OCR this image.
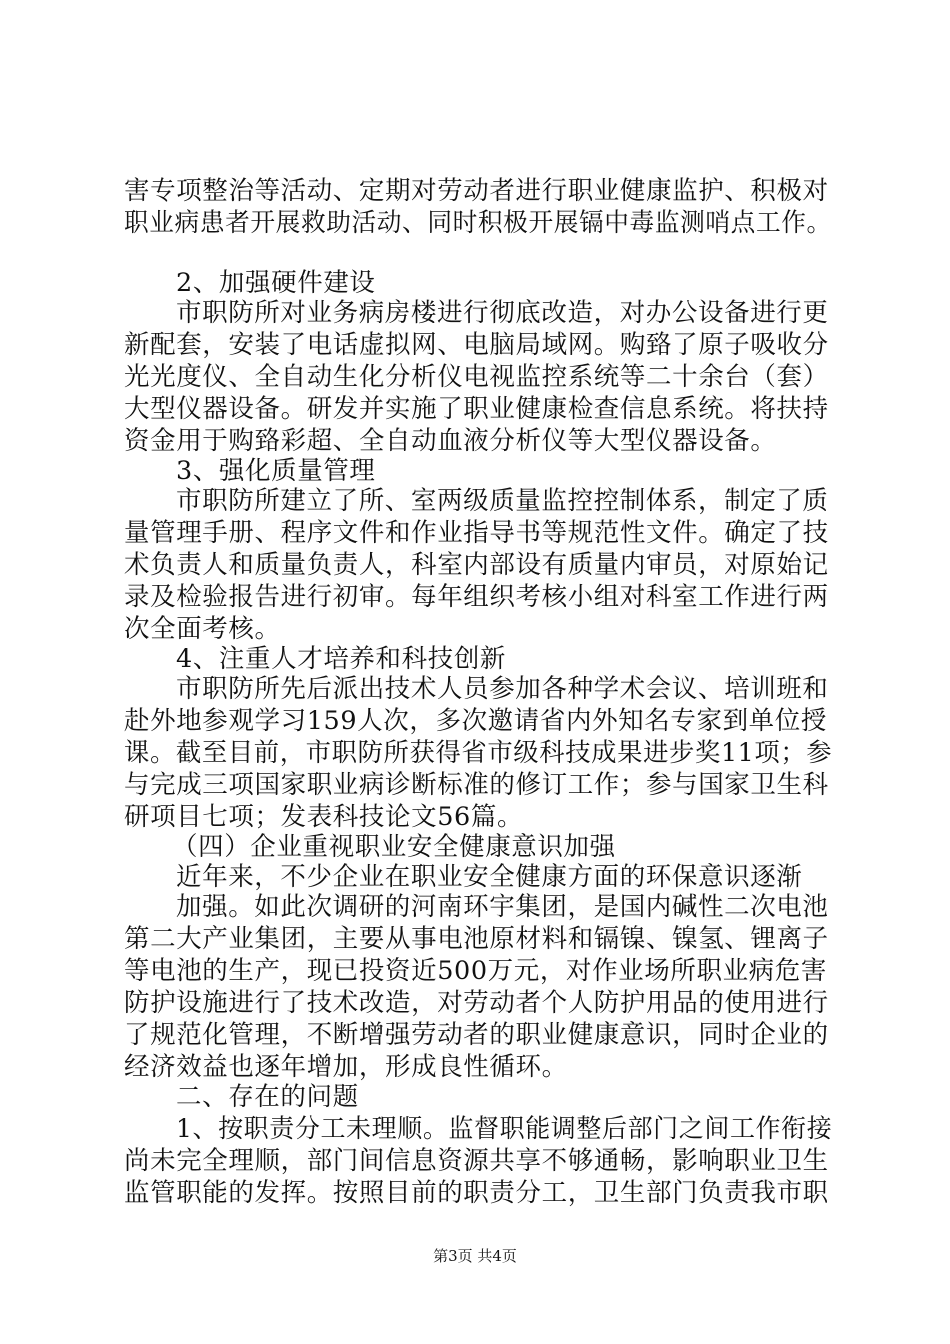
害专项整治等活动、定期对劳动者进行职业健康监护、积极对
职业病患者开展救助活动、同时积极开展镉中毒监测哨点工作。
2、加强硬件建设
市职防所对业务病房楼进行彻底改造，对办公设备进行更
新配套，安装了电话虚拟网、电脑局域网。购臵了原子吸收分
光光度仪、全自动生化分析仪电视监控系统等二十余台（套）
大型仪器设备。研发并实施了职业健康检查信息系统。将扶持
资金用于购臵彩超、全自动血液分析仪等大型仪器设备。
3、强化质量管理
市职防所建立了所、室两级质量监控控制体系，制定了质
量管理手册、程序文件和作业指导书等规范性文件。确定了技
术负责人和质量负责人，科室内部设有质量内审员，对原始记
录及检验报告进行初审。每年组织考核小组对科室工作进行两
次全面考核。
4、注重人才培养和科技创新
市职防所先后派出技术人员参加各种学术会议、培训班和
赴外地参观学习159人次，多次邀请省内外知名专家到单位授
课。截至目前，市职防所获得省市级科技成果进步奖11项；参
与完成三项国家职业病诊断标准的修订工作；参与国家卫生科
研项目七项；发表科技论文56篇。
（四）企业重视职业安全健康意识加强
近年来，不少企业在职业安全健康方面的环保意识逐渐
加强。如此次调研的河南环宇集团，是国内碱性二次电池
第二大产业集团，主要从事电池原材料和镉镍、镍氢、锂离子
等电池的生产，现已投资近500万元，对作业场所职业病危害
防护设施进行了技术改造，对劳动者个人防护用品的使用进行
了规范化管理，不断增强劳动者的职业健康意识，同时企业的
经济效益也逐年增加，形成良性循环。
二、存在的问题
1、按职责分工未理顺。监督职能调整后部门之间工作衔接
尚未完全理顺，部门间信息资源共享不够通畅，影响职业卫生
监管职能的发挥。按照目前的职责分工，卫生部门负责我市职
第3页 共4页
